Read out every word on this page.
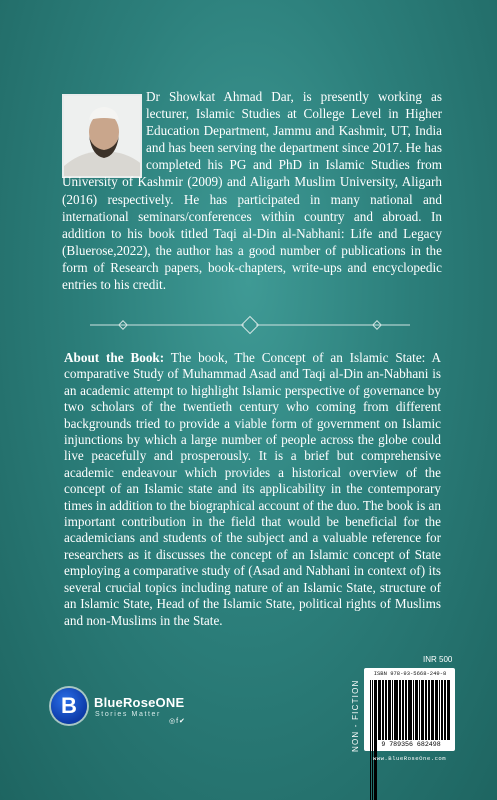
Dr Showkat Ahmad Dar, is presently working as lecturer, Islamic Studies at College Level in Higher Education Department, Jammu and Kashmir, UT, India and has been serving the department since 2017. He has completed his PG and PhD in Islamic Studies from University of Kashmir (2009) and Aligarh Muslim University, Aligarh (2016) respectively. He has participated in many national and international seminars/conferences within country and abroad. In addition to his book titled Taqi al-Din al-Nabhani: Life and Legacy (Bluerose,2022), the author has a good number of publications in the form of Research papers, book-chapters, write-ups and encyclopedic entries to his credit.
About the Book: The book, The Concept of an Islamic State: A comparative Study of Muhammad Asad and Taqi al-Din an-Nabhani is an academic attempt to highlight Islamic perspective of governance by two scholars of the twentieth century who coming from different backgrounds tried to provide a viable form of government on Islamic injunctions by which a large number of people across the globe could live peacefully and prosperously. It is a brief but comprehensive academic endeavour which provides a historical overview of the concept of an Islamic state and its applicability in the contemporary times in addition to the biographical account of the duo. The book is an important contribution in the field that would be beneficial for the academicians and students of the subject and a valuable reference for researchers as it discusses the concept of an Islamic concept of State employing a comparative study of (Asad and Nabhani in context of) its several crucial topics including nature of an Islamic State, structure of an Islamic State, Head of the Islamic State, political rights of Muslims and non-Muslims in the State.
B BlueRoseONE
Stories Matter
◎f✔	NON - FICTION
INR 500
ISBN 978-93-5668-249-8
9 789356 682498
www.BlueRoseOne.com
